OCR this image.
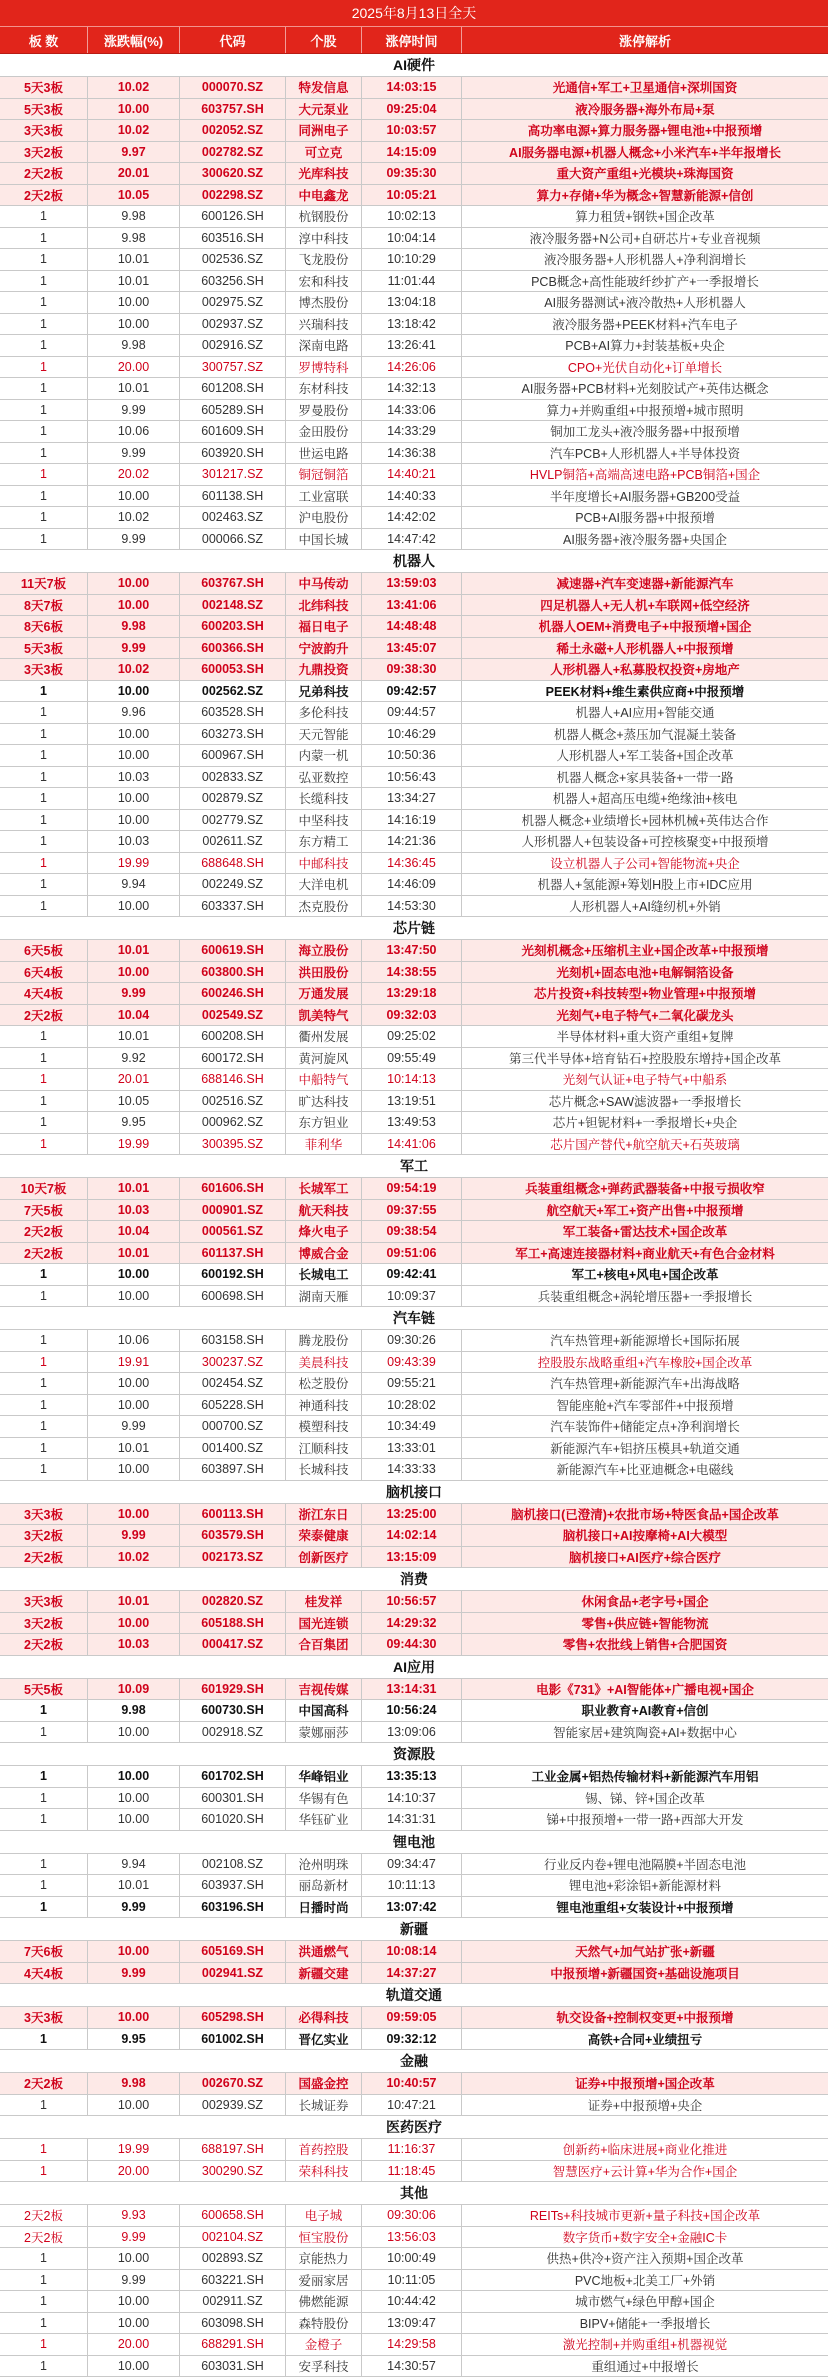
2025年8月13日全天
板 数	涨跌幅(%)	代码	个股	涨停时间	涨停解析
AI硬件
5天3板	10.02	000070.SZ	特发信息	14:03:15	光通信+军工+卫星通信+深圳国资
5天3板	10.00	603757.SH	大元泵业	09:25:04	液冷服务器+海外布局+泵
3天3板	10.02	002052.SZ	同洲电子	10:03:57	高功率电源+算力服务器+锂电池+中报预增
3天2板	9.97	002782.SZ	可立克	14:15:09	AI服务器电源+机器人概念+小米汽车+半年报增长
2天2板	20.01	300620.SZ	光库科技	09:35:30	重大资产重组+光模块+珠海国资
2天2板	10.05	002298.SZ	中电鑫龙	10:05:21	算力+存储+华为概念+智慧新能源+信创
1	9.98	600126.SH	杭钢股份	10:02:13	算力租赁+钢铁+国企改革
1	9.98	603516.SH	淳中科技	10:04:14	液冷服务器+N公司+自研芯片+专业音视频
1	10.01	002536.SZ	飞龙股份	10:10:29	液冷服务器+人形机器人+净利润增长
1	10.01	603256.SH	宏和科技	11:01:44	PCB概念+高性能玻纤纱扩产+一季报增长
1	10.00	002975.SZ	博杰股份	13:04:18	AI服务器测试+液冷散热+人形机器人
1	10.00	002937.SZ	兴瑞科技	13:18:42	液冷服务器+PEEK材料+汽车电子
1	9.98	002916.SZ	深南电路	13:26:41	PCB+AI算力+封装基板+央企
1	20.00	300757.SZ	罗博特科	14:26:06	CPO+光伏自动化+订单增长
1	10.01	601208.SH	东材科技	14:32:13	AI服务器+PCB材料+光刻胶试产+英伟达概念
1	9.99	605289.SH	罗曼股份	14:33:06	算力+并购重组+中报预增+城市照明
1	10.06	601609.SH	金田股份	14:33:29	铜加工龙头+液冷服务器+中报预增
1	9.99	603920.SH	世运电路	14:36:38	汽车PCB+人形机器人+半导体投资
1	20.02	301217.SZ	铜冠铜箔	14:40:21	HVLP铜箔+高端高速电路+PCB铜箔+国企
1	10.00	601138.SH	工业富联	14:40:33	半年度增长+AI服务器+GB200受益
1	10.02	002463.SZ	沪电股份	14:42:02	PCB+AI服务器+中报预增
1	9.99	000066.SZ	中国长城	14:47:42	AI服务器+液冷服务器+央国企
机器人
11天7板	10.00	603767.SH	中马传动	13:59:03	减速器+汽车变速器+新能源汽车
8天7板	10.00	002148.SZ	北纬科技	13:41:06	四足机器人+无人机+车联网+低空经济
8天6板	9.98	600203.SH	福日电子	14:48:48	机器人OEM+消费电子+中报预增+国企
5天3板	9.99	600366.SH	宁波韵升	13:45:07	稀土永磁+人形机器人+中报预增
3天3板	10.02	600053.SH	九鼎投资	09:38:30	人形机器人+私募股权投资+房地产
1	10.00	002562.SZ	兄弟科技	09:42:57	PEEK材料+维生素供应商+中报预增
1	9.96	603528.SH	多伦科技	09:44:57	机器人+AI应用+智能交通
1	10.00	603273.SH	天元智能	10:46:29	机器人概念+蒸压加气混凝土装备
1	10.00	600967.SH	内蒙一机	10:50:36	人形机器人+军工装备+国企改革
1	10.03	002833.SZ	弘亚数控	10:56:43	机器人概念+家具装备+一带一路
1	10.00	002879.SZ	长缆科技	13:34:27	机器人+超高压电缆+绝缘油+核电
1	10.00	002779.SZ	中坚科技	14:16:19	机器人概念+业绩增长+园林机械+英伟达合作
1	10.03	002611.SZ	东方精工	14:21:36	人形机器人+包装设备+可控核聚变+中报预增
1	19.99	688648.SH	中邮科技	14:36:45	设立机器人子公司+智能物流+央企
1	9.94	002249.SZ	大洋电机	14:46:09	机器人+氢能源+筹划H股上市+IDC应用
1	10.00	603337.SH	杰克股份	14:53:30	人形机器人+AI缝纫机+外销
芯片链
6天5板	10.01	600619.SH	海立股份	13:47:50	光刻机概念+压缩机主业+国企改革+中报预增
6天4板	10.00	603800.SH	洪田股份	14:38:55	光刻机+固态电池+电解铜箔设备
4天4板	9.99	600246.SH	万通发展	13:29:18	芯片投资+科技转型+物业管理+中报预增
2天2板	10.04	002549.SZ	凯美特气	09:32:03	光刻气+电子特气+二氧化碳龙头
1	10.01	600208.SH	衢州发展	09:25:02	半导体材料+重大资产重组+复牌
1	9.92	600172.SH	黄河旋风	09:55:49	第三代半导体+培育钻石+控股股东增持+国企改革
1	20.01	688146.SH	中船特气	10:14:13	光刻气认证+电子特气+中船系
1	10.05	002516.SZ	旷达科技	13:19:51	芯片概念+SAW滤波器+一季报增长
1	9.95	000962.SZ	东方钽业	13:49:53	芯片+钽铌材料+一季报增长+央企
1	19.99	300395.SZ	菲利华	14:41:06	芯片国产替代+航空航天+石英玻璃
军工
10天7板	10.01	601606.SH	长城军工	09:54:19	兵装重组概念+弹药武器装备+中报亏损收窄
7天5板	10.03	000901.SZ	航天科技	09:37:55	航空航天+军工+资产出售+中报预增
2天2板	10.04	000561.SZ	烽火电子	09:38:54	军工装备+雷达技术+国企改革
2天2板	10.01	601137.SH	博威合金	09:51:06	军工+高速连接器材料+商业航天+有色合金材料
1	10.00	600192.SH	长城电工	09:42:41	军工+核电+风电+国企改革
1	10.00	600698.SH	湖南天雁	10:09:37	兵装重组概念+涡轮增压器+一季报增长
汽车链
1	10.06	603158.SH	腾龙股份	09:30:26	汽车热管理+新能源增长+国际拓展
1	19.91	300237.SZ	美晨科技	09:43:39	控股股东战略重组+汽车橡胶+国企改革
1	10.00	002454.SZ	松芝股份	09:55:21	汽车热管理+新能源汽车+出海战略
1	10.00	605228.SH	神通科技	10:28:02	智能座舱+汽车零部件+中报预增
1	9.99	000700.SZ	模塑科技	10:34:49	汽车装饰件+储能定点+净利润增长
1	10.01	001400.SZ	江顺科技	13:33:01	新能源汽车+铝挤压模具+轨道交通
1	10.00	603897.SH	长城科技	14:33:33	新能源汽车+比亚迪概念+电磁线
脑机接口
3天3板	10.00	600113.SH	浙江东日	13:25:00	脑机接口(已澄清)+农批市场+特医食品+国企改革
3天2板	9.99	603579.SH	荣泰健康	14:02:14	脑机接口+AI按摩椅+AI大模型
2天2板	10.02	002173.SZ	创新医疗	13:15:09	脑机接口+AI医疗+综合医疗
消费
3天3板	10.01	002820.SZ	桂发祥	10:56:57	休闲食品+老字号+国企
3天2板	10.00	605188.SH	国光连锁	14:29:32	零售+供应链+智能物流
2天2板	10.03	000417.SZ	合百集团	09:44:30	零售+农批线上销售+合肥国资
AI应用
5天5板	10.09	601929.SH	吉视传媒	13:14:31	电影《731》+AI智能体+广播电视+国企
1	9.98	600730.SH	中国高科	10:56:24	职业教育+AI教育+信创
1	10.00	002918.SZ	蒙娜丽莎	13:09:06	智能家居+建筑陶瓷+AI+数据中心
资源股
1	10.00	601702.SH	华峰铝业	13:35:13	工业金属+铝热传输材料+新能源汽车用铝
1	10.00	600301.SH	华锡有色	14:10:37	锡、锑、锌+国企改革
1	10.00	601020.SH	华钰矿业	14:31:31	锑+中报预增+一带一路+西部大开发
锂电池
1	9.94	002108.SZ	沧州明珠	09:34:47	行业反内卷+锂电池隔膜+半固态电池
1	10.01	603937.SH	丽岛新材	10:11:13	锂电池+彩涂铝+新能源材料
1	9.99	603196.SH	日播时尚	13:07:42	锂电池重组+女装设计+中报预增
新疆
7天6板	10.00	605169.SH	洪通燃气	10:08:14	天然气+加气站扩张+新疆
4天4板	9.99	002941.SZ	新疆交建	14:37:27	中报预增+新疆国资+基础设施项目
轨道交通
3天3板	10.00	605298.SH	必得科技	09:59:05	轨交设备+控制权变更+中报预增
1	9.95	601002.SH	晋亿实业	09:32:12	高铁+合同+业绩扭亏
金融
2天2板	9.98	002670.SZ	国盛金控	10:40:57	证券+中报预增+国企改革
1	10.00	002939.SZ	长城证券	10:47:21	证券+中报预增+央企
医药医疗
1	19.99	688197.SH	首药控股	11:16:37	创新药+临床进展+商业化推进
1	20.00	300290.SZ	荣科科技	11:18:45	智慧医疗+云计算+华为合作+国企
其他
2天2板	9.93	600658.SH	电子城	09:30:06	REITs+科技城市更新+量子科技+国企改革
2天2板	9.99	002104.SZ	恒宝股份	13:56:03	数字货币+数字安全+金融IC卡
1	10.00	002893.SZ	京能热力	10:00:49	供热+供冷+资产注入预期+国企改革
1	9.99	603221.SH	爱丽家居	10:11:05	PVC地板+北美工厂+外销
1	10.00	002911.SZ	佛燃能源	10:44:42	城市燃气+绿色甲醇+国企
1	10.00	603098.SH	森特股份	13:09:47	BIPV+储能+一季报增长
1	20.00	688291.SH	金橙子	14:29:58	激光控制+并购重组+机器视觉
1	10.00	603031.SH	安孚科技	14:30:57	重组通过+中报增长
